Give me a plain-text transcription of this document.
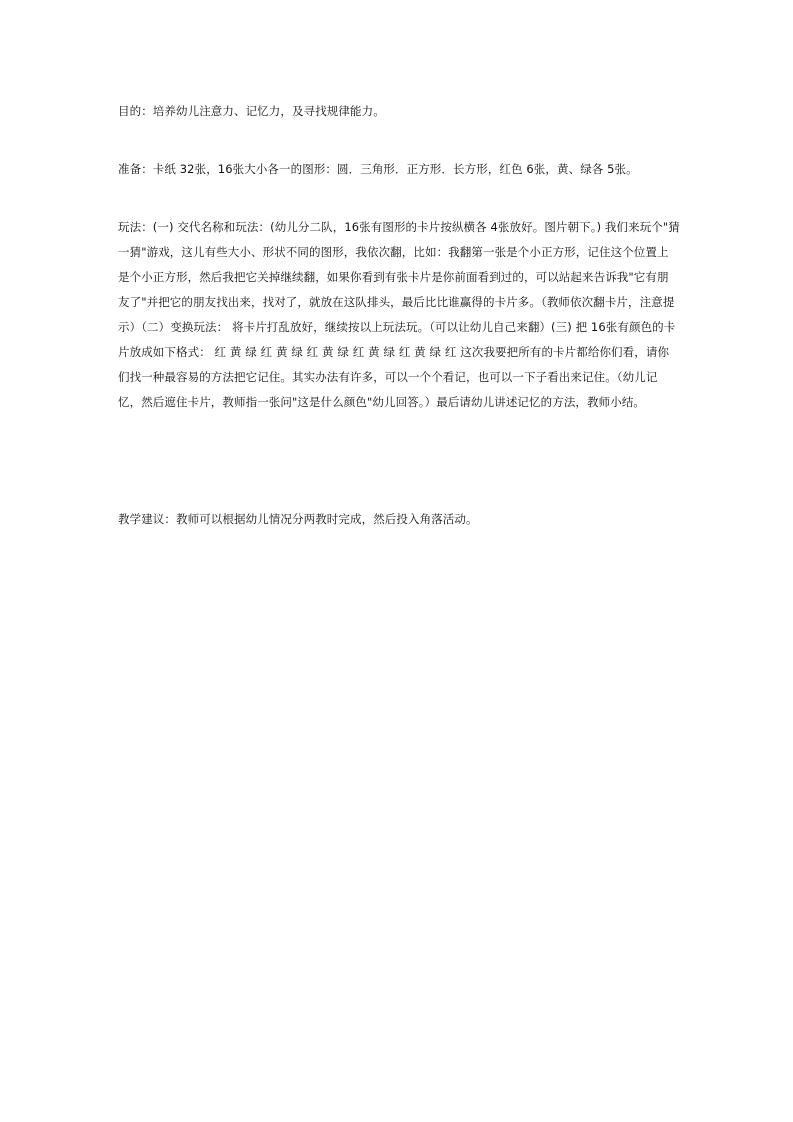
目的：培养幼儿注意力、记忆力，及寻找规律能力。

准备：卡纸 32张，16张大小各一的图形：圆．三角形．正方形．长方形，红色 6张，黄、绿各 5张。

玩法：(一) 交代名称和玩法：(幼儿分二队，16张有图形的卡片按纵横各 4张放好。图片朝下。) 我们来玩个"猜一猜"游戏，这儿有些大小、形状不同的图形，我依次翻，比如：我翻第一张是个小正方形，记住这个位置上是个小正方形，然后我把它关掉继续翻，如果你看到有张卡片是你前面看到过的，可以站起来告诉我"它有朋友了"并把它的朋友找出来，找对了，就放在这队排头，最后比比谁赢得的卡片多。（教师依次翻卡片，注意提示）（二）变换玩法： 将卡片打乱放好，继续按以上玩法玩。（可以让幼儿自己来翻）(三) 把 16张有颜色的卡片放成如下格式： 红 黄 绿 红 黄 绿 红 黄 绿 红 黄 绿 红 黄 绿 红 这次我要把所有的卡片都给你们看，请你们找一种最容易的方法把它记住。其实办法有许多，可以一个个看记，也可以一下子看出来记住。（幼儿记忆，然后遮住卡片，教师指一张问"这是什么颜色"幼儿回答。）最后请幼儿讲述记忆的方法，教师小结。

教学建议：教师可以根据幼儿情况分两教时完成，然后投入角落活动。
